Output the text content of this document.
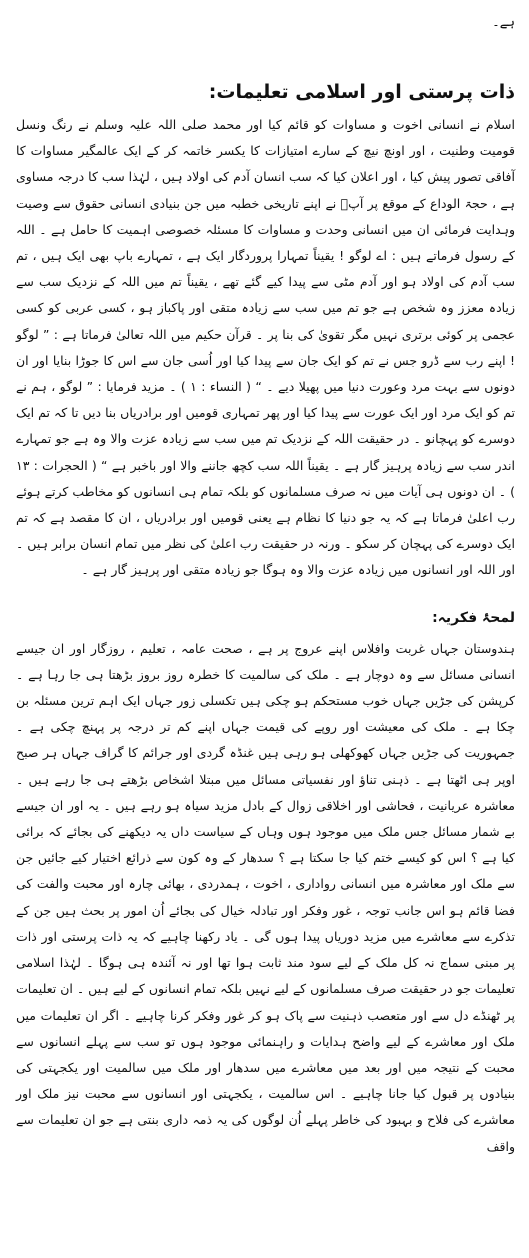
ہے۔

ذات پرستی اور اسلامی تعلیمات:

اسلام نے انسانی اخوت و مساوات کو قائم کیا اور محمد صلی اللہ علیہ وسلم نے رنگ ونسل قومیت وطنیت ، اور اونچ نیچ کے سارے امتیازات کا یکسر خاتمہ کر کے ایک عالمگیر مساوات کا آفاقی تصور پیش کیا ، اور اعلان کیا کہ سب انسان آدم کی اولاد ہیں ، لہٰذا سب کا درجہ مساوی ہے ، حجۃ الوداع کے موقع پر آپؐ نے اپنے تاریخی خطبہ میں جن بنیادی انسانی حقوق سے وصیت وہدایت فرمائی ان میں انسانی وحدت و مساوات کا مسئلہ خصوصی اہمیت کا حامل ہے ۔ اللہ کے رسول فرماتے ہیں : اے لوگو ! یقیناً تمہارا پروردگار ایک ہے ، تمہارے باپ بھی ایک ہیں ، تم سب آدم کی اولاد ہو اور آدم مٹی سے پیدا کیے گئے تھے ، یقیناً تم میں اللہ کے نزدیک سب سے زیادہ معزز وہ شخص ہے جو تم میں سب سے زیادہ متقی اور پاکباز ہو ، کسی عربی کو کسی عجمی پر کوئی برتری نہیں مگر تقویٰ کی بنا پر ۔ قرآن حکیم میں اللہ تعالیٰ فرماتا ہے : ” لوگو ! اپنے رب سے ڈرو جس نے تم کو ایک جان سے پیدا کیا اور اُسی جان سے اس کا جوڑا بنایا اور ان دونوں سے بہت مرد وعورت دنیا میں پھیلا دیے ۔ “ ( النساء : ۱ ) ۔ مزید فرمایا : ” لوگو ، ہم نے تم کو ایک مرد اور ایک عورت سے پیدا کیا اور پھر تمہاری قومیں اور برادریاں بنا دیں تا کہ تم ایک دوسرے کو پہچانو ۔ در حقیقت اللہ کے نزدیک تم میں سب سے زیادہ عزت والا وہ ہے جو تمہارے اندر سب سے زیادہ پرہیز گار ہے ۔ یقیناً اللہ سب کچھ جاننے والا اور باخبر ہے “ ( الحجرات : ۱۳ ) ۔ ان دونوں ہی آیات میں نہ صرف مسلمانوں کو بلکہ تمام ہی انسانوں کو مخاطب کرتے ہوئے رب اعلیٰ فرماتا ہے کہ یہ جو دنیا کا نظام ہے یعنی قومیں اور برادریاں ، ان کا مقصد ہے کہ تم ایک دوسرے کی پہچان کر سکو ۔ ورنہ در حقیقت رب اعلیٰ کی نظر میں تمام انسان برابر ہیں ۔ اور اللہ اور انسانوں میں زیادہ عزت والا وہ ہوگا جو زیادہ متقی اور پرہیز گار ہے ۔

لمحۂ فکریہ:

ہندوستان جہاں غربت وافلاس اپنے عروج پر ہے ، صحت عامہ ، تعلیم ، روزگار اور ان جیسے انسانی مسائل سے وہ دوچار ہے ۔ ملک کی سالمیت کا خطرہ روز بروز بڑھتا ہی جا رہا ہے ۔ کرپشن کی جڑیں جہاں خوب مستحکم ہو چکی ہیں تکسلی زور جہاں ایک اہم ترین مسئلہ بن چکا ہے ۔ ملک کی معیشت اور روپے کی قیمت جہاں اپنے کم تر درجہ پر پہنچ چکی ہے ۔ جمہوریت کی جڑیں جہاں کھوکھلی ہو رہی ہیں غنڈہ گردی اور جرائم کا گراف جہاں ہر صبح اوپر ہی اٹھتا ہے ۔ ذہنی تناؤ اور نفسیاتی مسائل میں مبتلا اشخاص بڑھتے ہی جا رہے ہیں ۔ معاشرہ عریانیت ، فحاشی اور اخلاقی زوال کے بادل مزید سیاہ ہو رہے ہیں ۔ یہ اور ان جیسے بے شمار مسائل جس ملک میں موجود ہوں وہاں کے سیاست داں یہ دیکھنے کی بجائے کہ برائی کیا ہے ؟ اس کو کیسے ختم کیا جا سکتا ہے ؟ سدھار کے وہ کون سے ذرائع اختیار کیے جائیں جن سے ملک اور معاشرہ میں انسانی رواداری ، اخوت ، ہمدردی ، بھائی چارہ اور محبت والفت کی فضا قائم ہو اس جانب توجہ ، غور وفکر اور تبادلہ خیال کی بجائے اُن امور پر بحث ہیں جن کے تذکرے سے معاشرے میں مزید دوریاں پیدا ہوں گی ۔ یاد رکھنا چاہیے کہ یہ ذات پرستی اور ذات پر مبنی سماج نہ کل ملک کے لیے سود مند ثابت ہوا تھا اور نہ آئندہ ہی ہوگا ۔ لہٰذا اسلامی تعلیمات جو در حقیقت صرف مسلمانوں کے لیے نہیں بلکہ تمام انسانوں کے لیے ہیں ۔ ان تعلیمات پر ٹھنڈے دل سے اور متعصب ذہنیت سے پاک ہو کر غور وفکر کرنا چاہیے ۔ اگر ان تعلیمات میں ملک اور معاشرے کے لیے واضح ہدایات و راہنمائی موجود ہوں تو سب سے پہلے انسانوں سے محبت کے نتیجہ میں اور بعد میں معاشرے میں سدھار اور ملک میں سالمیت اور یکجہتی کی بنیادوں پر قبول کیا جانا چاہیے ۔ اس سالمیت ، یکجہتی اور انسانوں سے محبت نیز ملک اور معاشرے کی فلاح و بہبود کی خاطر پہلے اُن لوگوں کی یہ ذمہ داری بنتی ہے جو ان تعلیمات سے واقف
